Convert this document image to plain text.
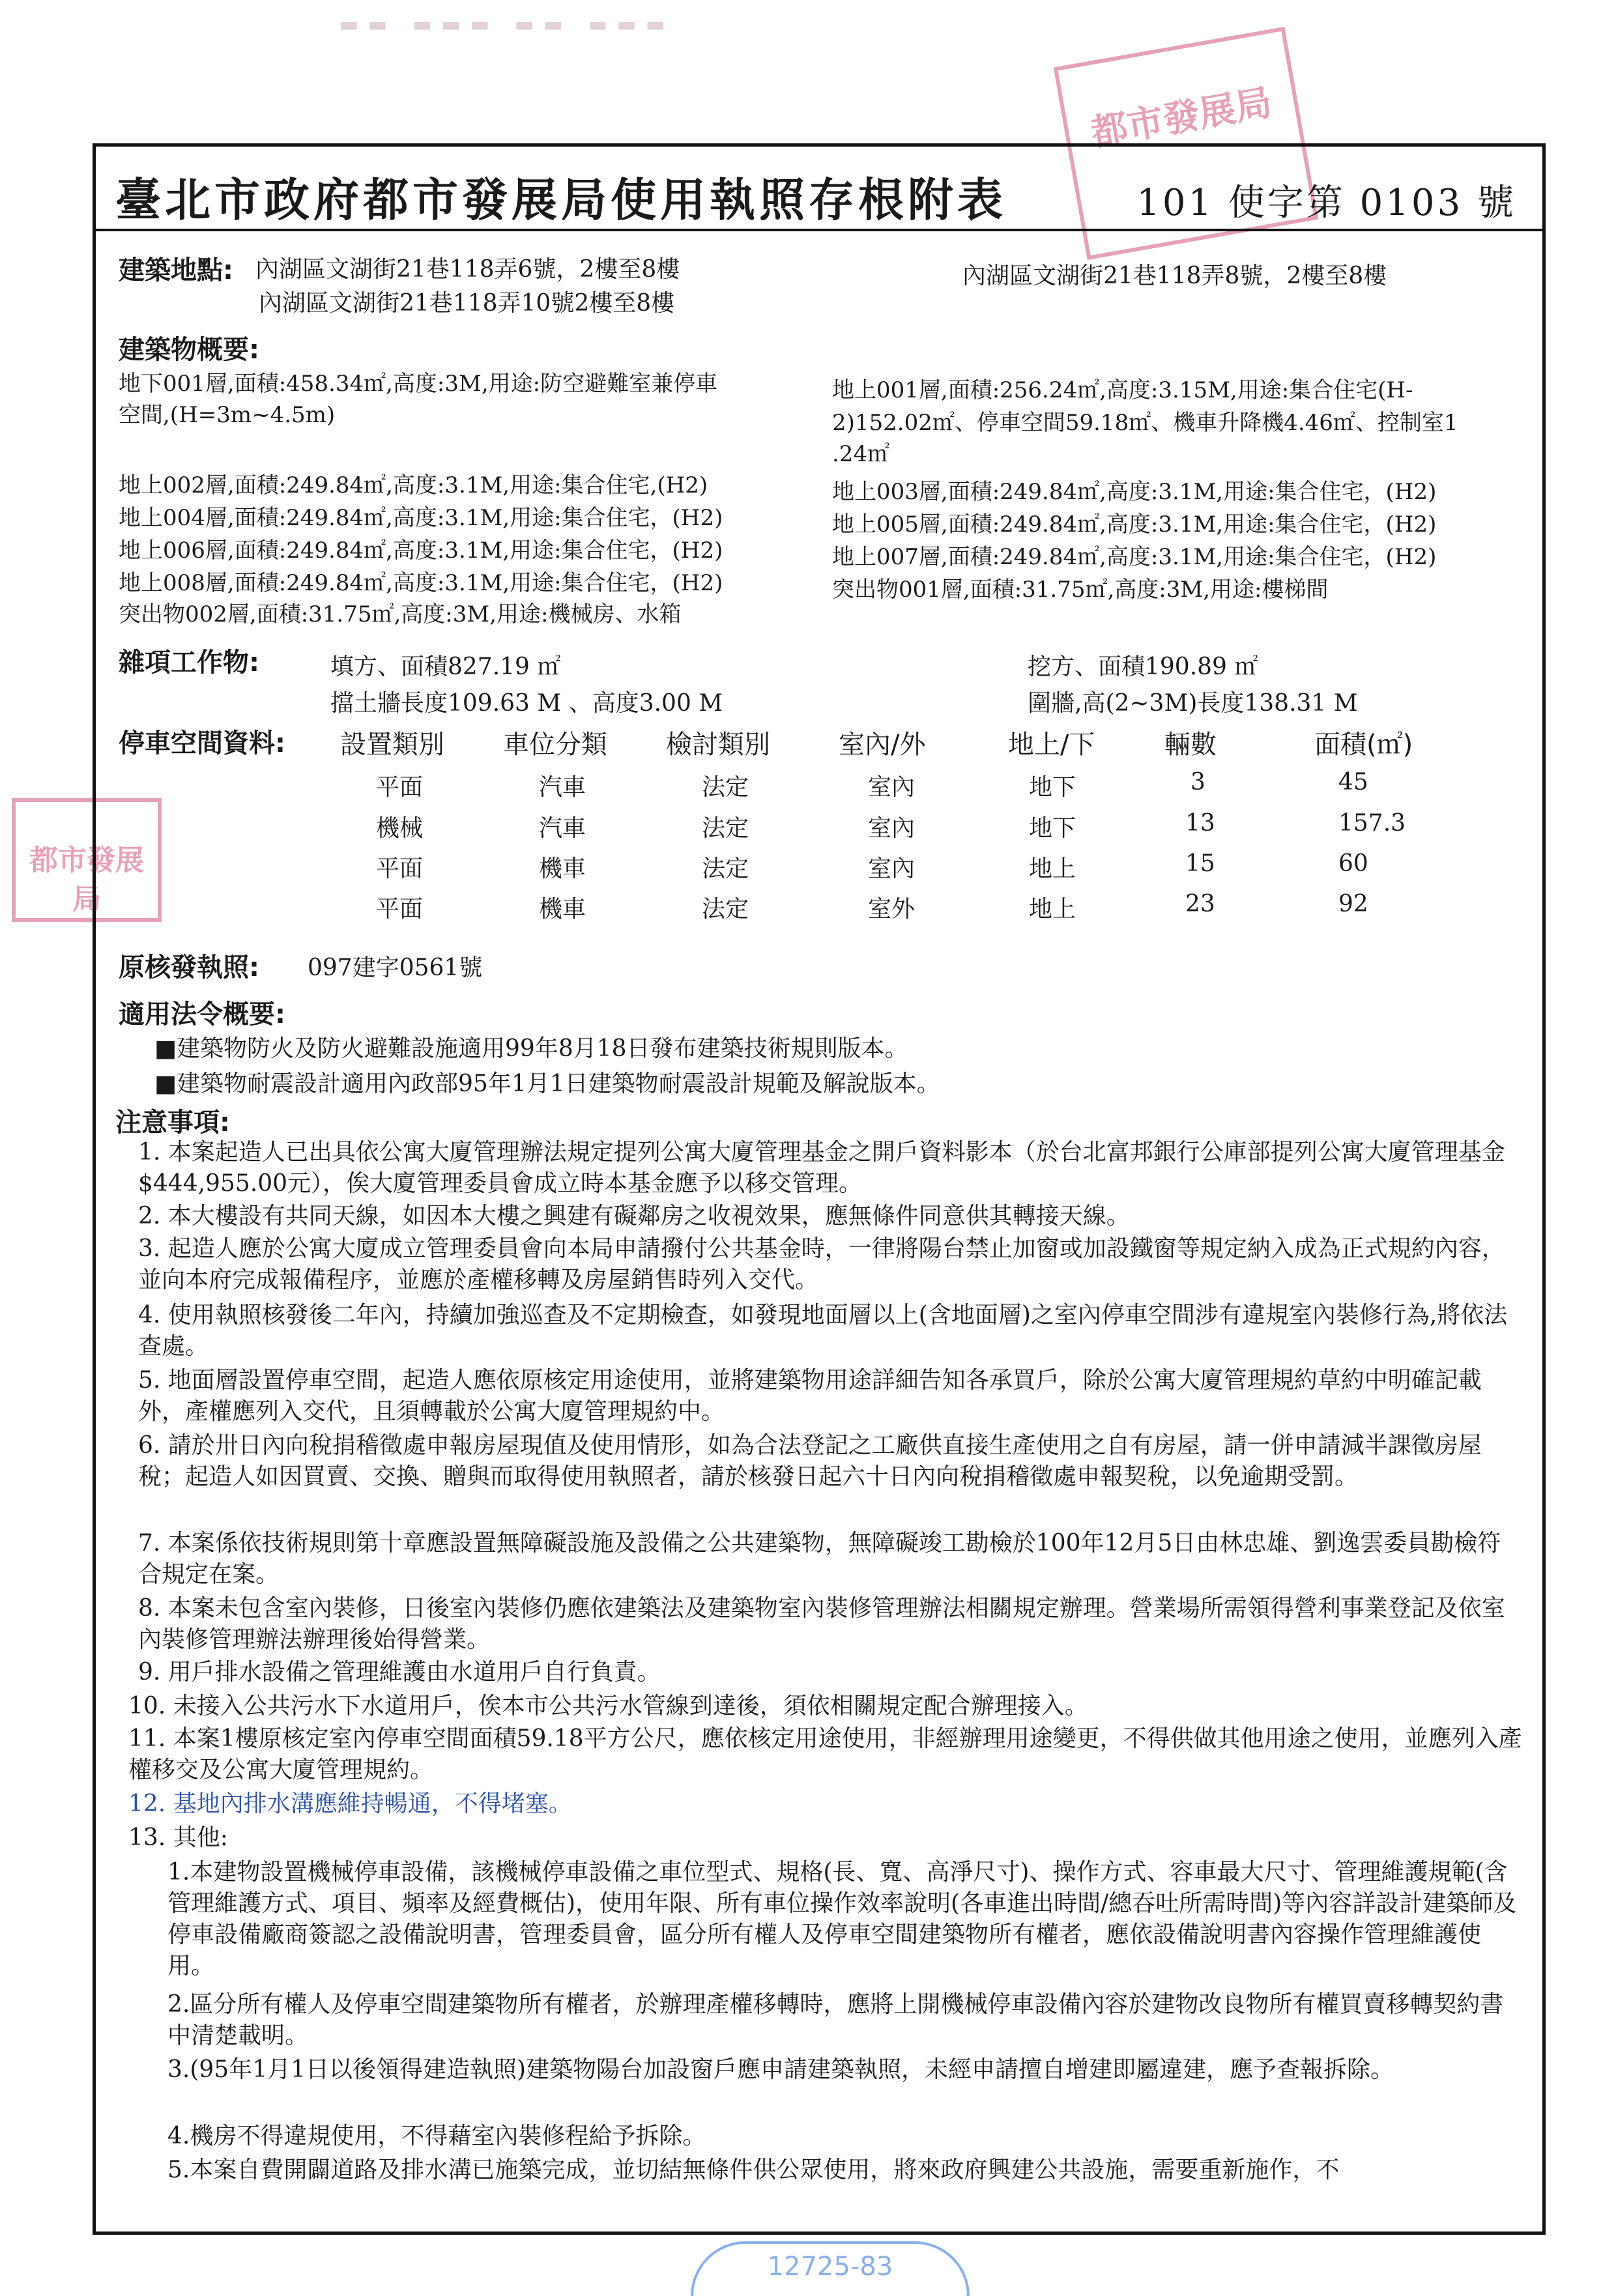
▬▬ ▬▬▬ ▬▬ ▬▬▬
都市發展局
都市發展局
臺北市政府都市發展局使用執照存根附表	101 使字第 0103 號
建築地點: 內湖區文湖街21巷118弄6號，2樓至8樓	內湖區文湖街21巷118弄8號，2樓至8樓
內湖區文湖街21巷118弄10號2樓至8樓
建築物概要:
地下001層,面積:458.34㎡,高度:3M,用途:防空避難室兼停車
空間,(H=3m~4.5m)
地上002層,面積:249.84㎡,高度:3.1M,用途:集合住宅,(H2)
地上004層,面積:249.84㎡,高度:3.1M,用途:集合住宅，(H2)
地上006層,面積:249.84㎡,高度:3.1M,用途:集合住宅，(H2)
地上008層,面積:249.84㎡,高度:3.1M,用途:集合住宅，(H2)
突出物002層,面積:31.75㎡,高度:3M,用途:機械房、水箱
地上001層,面積:256.24㎡,高度:3.15M,用途:集合住宅(H-
2)152.02㎡、停車空間59.18㎡、機車升降機4.46㎡、控制室1
.24㎡
地上003層,面積:249.84㎡,高度:3.1M,用途:集合住宅，(H2)
地上005層,面積:249.84㎡,高度:3.1M,用途:集合住宅，(H2)
地上007層,面積:249.84㎡,高度:3.1M,用途:集合住宅，(H2)
突出物001層,面積:31.75㎡,高度:3M,用途:樓梯間
雜項工作物:	填方、面積827.19 ㎡	挖方、面積190.89 ㎡
擋土牆長度109.63 M 、高度3.00 M	圍牆,高(2~3M)長度138.31 M
停車空間資料: 設置類別 車位分類 檢討類別	室內/外	地上/下	輛數	面積(㎡)
平面	汽車	法定	室內	地下	3	45
機械	汽車	法定	室內	地下	13	157.3
平面	機車	法定	室內	地上	15	60
平面	機車	法定	室外	地上	23	92
原核發執照: 097建字0561號
適用法令概要:
■建築物防火及防火避難設施適用99年8月18日發布建築技術規則版本。
■建築物耐震設計適用內政部95年1月1日建築物耐震設計規範及解說版本。
注意事項:
1. 本案起造人已出具依公寓大廈管理辦法規定提列公寓大廈管理基金之開戶資料影本（於台北富邦銀行公庫部提列公寓大廈管理基金$444,955.00元），俟大廈管理委員會成立時本基金應予以移交管理。
2. 本大樓設有共同天線，如因本大樓之興建有礙鄰房之收視效果，應無條件同意供其轉接天線。
3. 起造人應於公寓大廈成立管理委員會向本局申請撥付公共基金時，一律將陽台禁止加窗或加設鐵窗等規定納入成為正式規約內容，並向本府完成報備程序，並應於產權移轉及房屋銷售時列入交代。
4. 使用執照核發後二年內，持續加強巡查及不定期檢查，如發現地面層以上(含地面層)之室內停車空間涉有違規室內裝修行為,將依法查處。
5. 地面層設置停車空間，起造人應依原核定用途使用，並將建築物用途詳細告知各承買戶，除於公寓大廈管理規約草約中明確記載外，產權應列入交代，且須轉載於公寓大廈管理規約中。
6. 請於卅日內向稅捐稽徵處申報房屋現值及使用情形，如為合法登記之工廠供直接生產使用之自有房屋，請一併申請減半課徵房屋稅；起造人如因買賣、交換、贈與而取得使用執照者，請於核發日起六十日內向稅捐稽徵處申報契稅，以免逾期受罰。
7. 本案係依技術規則第十章應設置無障礙設施及設備之公共建築物，無障礙竣工勘檢於100年12月5日由林忠雄、劉逸雲委員勘檢符合規定在案。
8. 本案未包含室內裝修，日後室內裝修仍應依建築法及建築物室內裝修管理辦法相關規定辦理。營業場所需領得營利事業登記及依室內裝修管理辦法辦理後始得營業。
9. 用戶排水設備之管理維護由水道用戶自行負責。
10. 未接入公共污水下水道用戶，俟本市公共污水管線到達後，須依相關規定配合辦理接入。
11. 本案1樓原核定室內停車空間面積59.18平方公尺，應依核定用途使用，非經辦理用途變更，不得供做其他用途之使用，並應列入產權移交及公寓大廈管理規約。
12. 基地內排水溝應維持暢通，不得堵塞。
13. 其他:
1.本建物設置機械停車設備，該機械停車設備之車位型式、規格(長、寬、高淨尺寸)、操作方式、容車最大尺寸、管理維護規範(含管理維護方式、項目、頻率及經費概估)，使用年限、所有車位操作效率說明(各車進出時間/總吞吐所需時間)等內容詳設計建築師及停車設備廠商簽認之設備說明書，管理委員會，區分所有權人及停車空間建築物所有權者，應依設備說明書內容操作管理維護使用。
2.區分所有權人及停車空間建築物所有權者，於辦理產權移轉時，應將上開機械停車設備內容於建物改良物所有權買賣移轉契約書中清楚載明。
3.(95年1月1日以後領得建造執照)建築物陽台加設窗戶應申請建築執照，未經申請擅自增建即屬違建，應予查報拆除。
4.機房不得違規使用，不得藉室內裝修程給予拆除。
5.本案自費開闢道路及排水溝已施築完成，並切結無條件供公眾使用，將來政府興建公共設施，需要重新施作，不
12725-83
